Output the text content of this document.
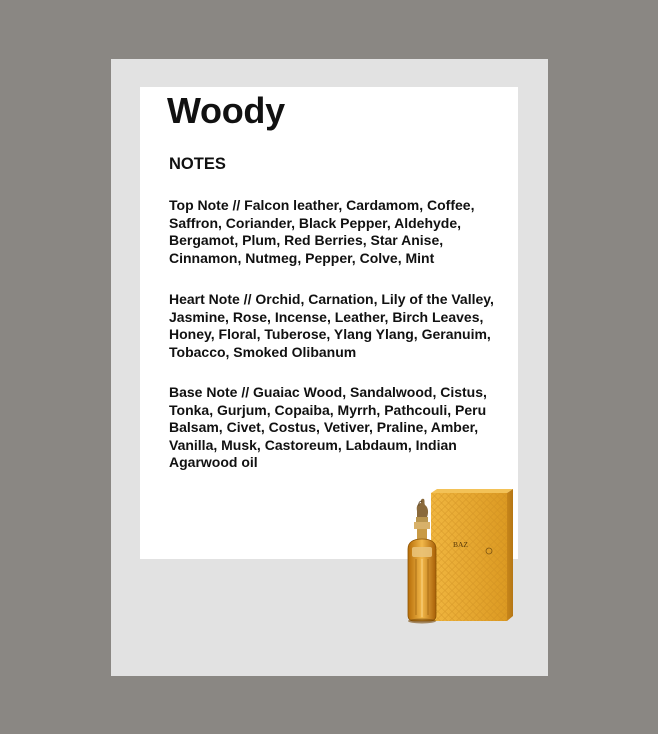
Woody
NOTES

Top Note // Falcon leather, Cardamom, Coffee, Saffron, Coriander, Black Pepper, Aldehyde, Bergamot, Plum, Red Berries, Star Anise, Cinnamon, Nutmeg, Pepper, Colve, Mint

Heart Note // Orchid, Carnation, Lily of the Valley, Jasmine, Rose, Incense, Leather, Birch Leaves, Honey, Floral, Tuberose, Ylang Ylang, Geranuim, Tobacco, Smoked Olibanum

Base Note // Guaiac Wood, Sandalwood, Cistus, Tonka, Gurjum, Copaiba, Myrrh, Pathcouli, Peru Balsam, Civet, Costus, Vetiver, Praline, Amber, Vanilla, Musk, Castoreum, Labdaum, Indian Agarwood oil

BAZ
